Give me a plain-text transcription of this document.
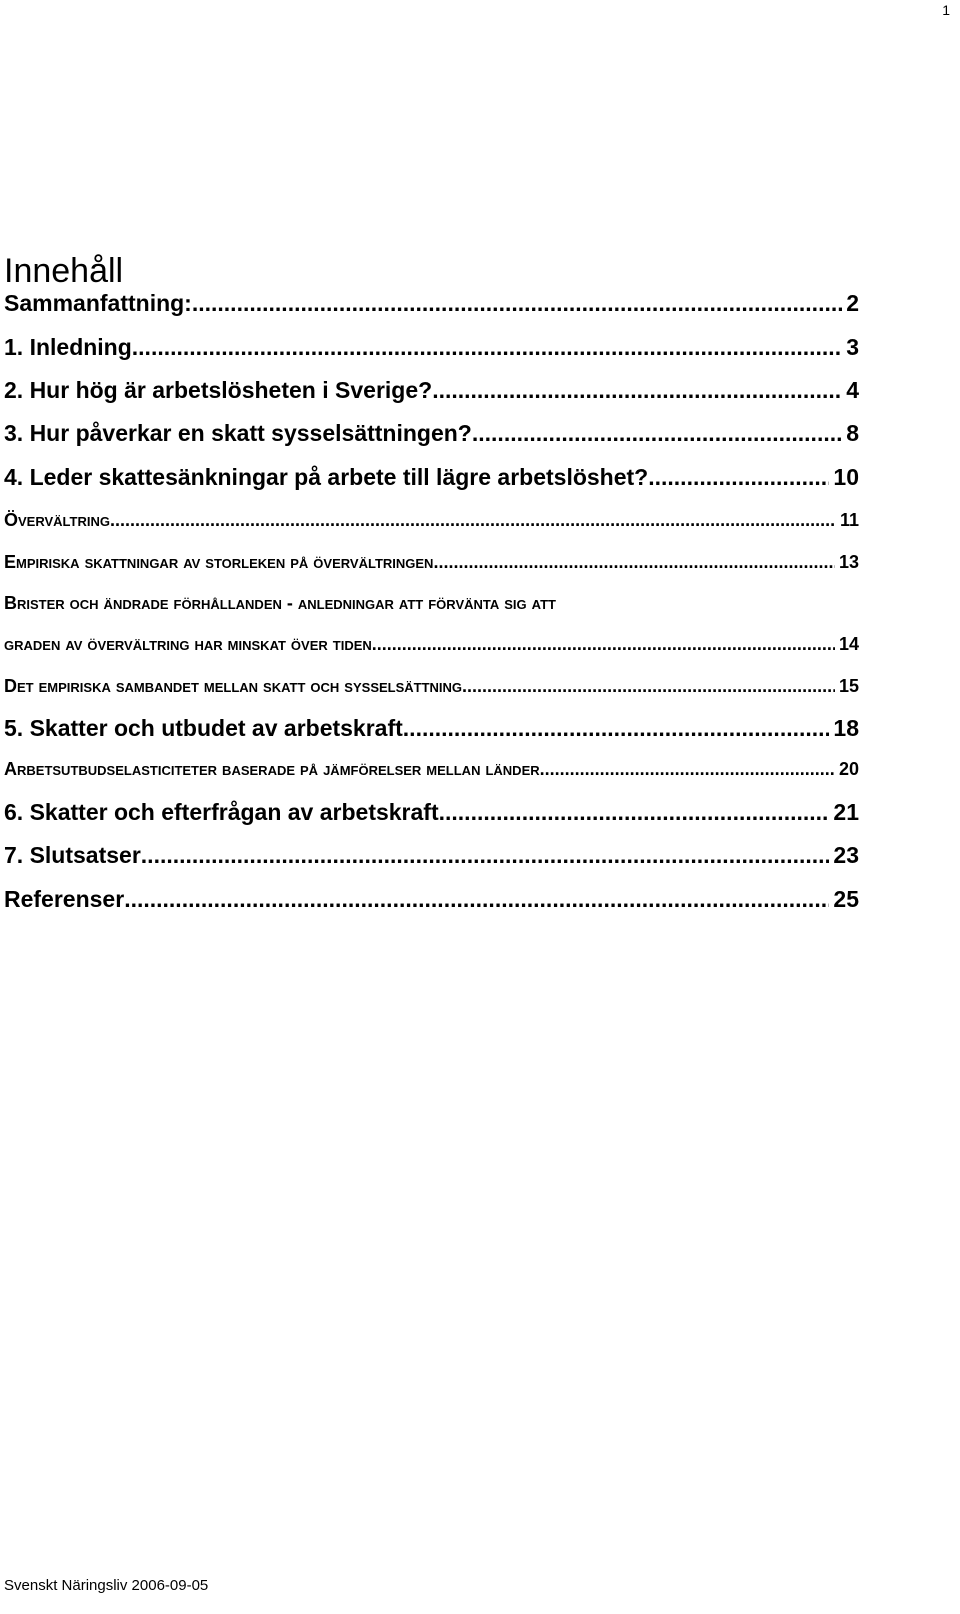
1
Innehåll
Sammanfattning: .....	2
1. Inledning .....	3
2. Hur hög är arbetslösheten i Sverige? .....	4
3. Hur påverkar en skatt sysselsättningen? .....	8
4. Leder skattesänkningar på arbete till lägre arbetslöshet? .....	10
Övervältring .....	11
Empiriska skattningar av storleken på övervältringen .....	13
Brister och ändrade förhållanden - anledningar att förvänta sig att
graden av övervältring har minskat över tiden .....	14
Det empiriska sambandet mellan skatt och sysselsättning .....	15
5. Skatter och utbudet av arbetskraft .....	18
Arbetsutbudselasticiteter baserade på jämförelser mellan länder .....	20
6. Skatter och efterfrågan av arbetskraft .....	21
7. Slutsatser .....	23
Referenser .....	25
Svenskt Näringsliv 2006-09-05
